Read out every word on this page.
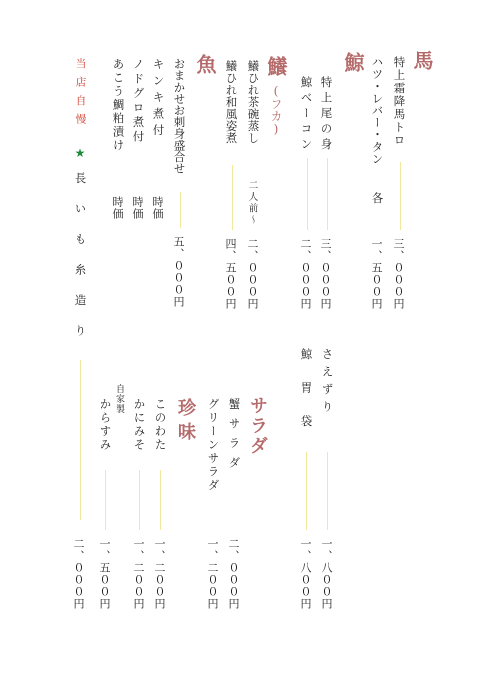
馬
特上霜降馬トロ
三、０００円
ハツ・レバー・タン
各
一、五００円
鯨
特上尾の身
三、０００円
鯨ベーコン
二、０００円
鱶
(フカ)
鱶ひれ茶碗蒸し
二人前～
二、０００円
鱶ひれ和風姿煮
四、五００円
魚
おまかせお刺身盛合せ
五、０００円
キンキ煮付
時価
ノドグロ煮付
時価
あこう鯛粕漬け
時価
当店自慢
★
長いも糸造り
二、０００円
さえずり
一、八００円
鯨胃袋
一、八００円
サラダ
蟹サラダ
二、０００円
グリーンサラダ
一、二００円
珍味
このわた
一、二００円
かにみそ
一、二００円
自家製
からすみ
一、五００円
